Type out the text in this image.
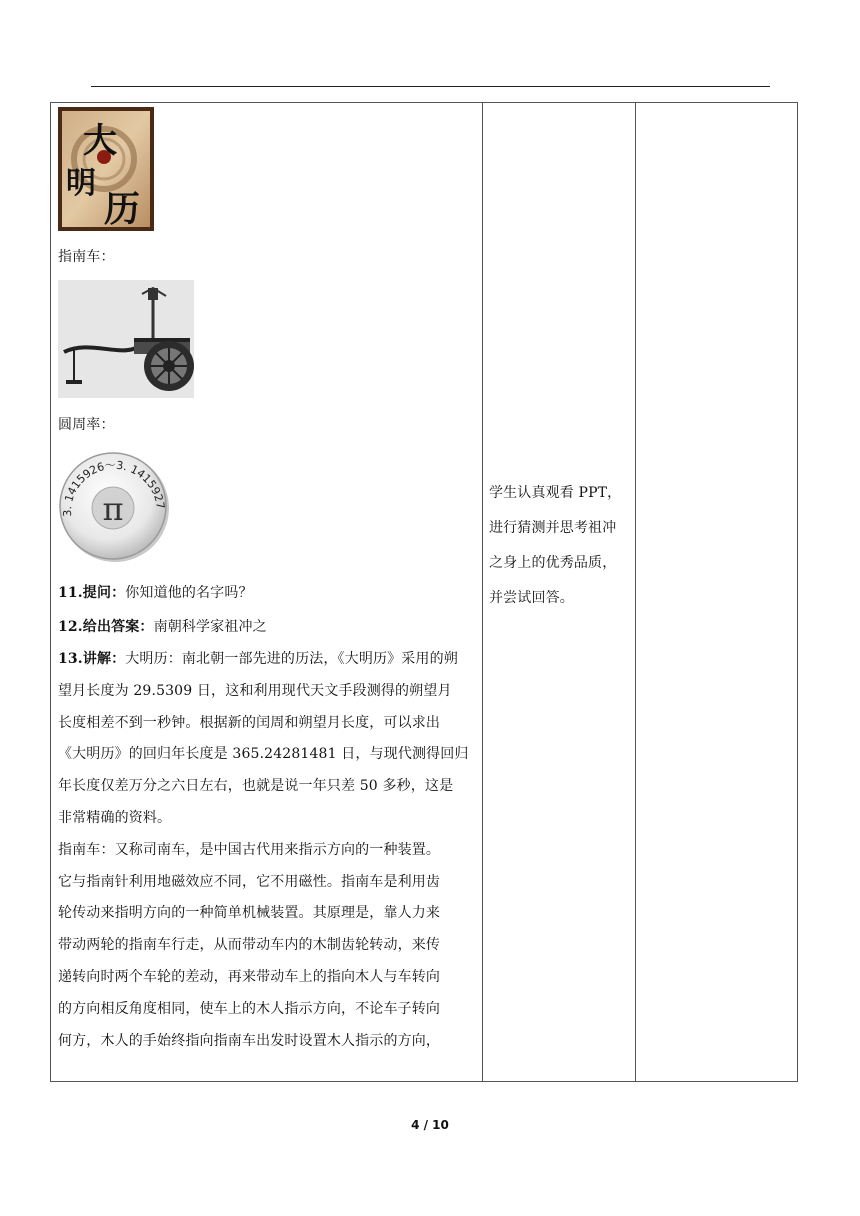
大
明
历
π
3. 1415926～3. 1415927

指南车：

圆周率：

11.提问：你知道他的名字吗？

12.给出答案：南朝科学家祖冲之

13.讲解：大明历：南北朝一部先进的历法，《大明历》采用的朔

望月长度为 29.5309 日，这和利用现代天文手段测得的朔望月

长度相差不到一秒钟。根据新的闰周和朔望月长度，可以求出

《大明历》的回归年长度是 365.24281481 日，与现代测得回归

年长度仅差万分之六日左右，也就是说一年只差 50 多秒，这是

非常精确的资料。

指南车：又称司南车，是中国古代用来指示方向的一种装置。

它与指南针利用地磁效应不同，它不用磁性。指南车是利用齿

轮传动来指明方向的一种简单机械装置。其原理是，靠人力来

带动两轮的指南车行走，从而带动车内的木制齿轮转动，来传

递转向时两个车轮的差动，再来带动车上的指向木人与车转向

的方向相反角度相同，使车上的木人指示方向，不论车子转向

何方，木人的手始终指向指南车出发时设置木人指示的方向，

学生认真观看 PPT，

进行猜测并思考祖冲

之身上的优秀品质，

并尝试回答。

4 / 10
